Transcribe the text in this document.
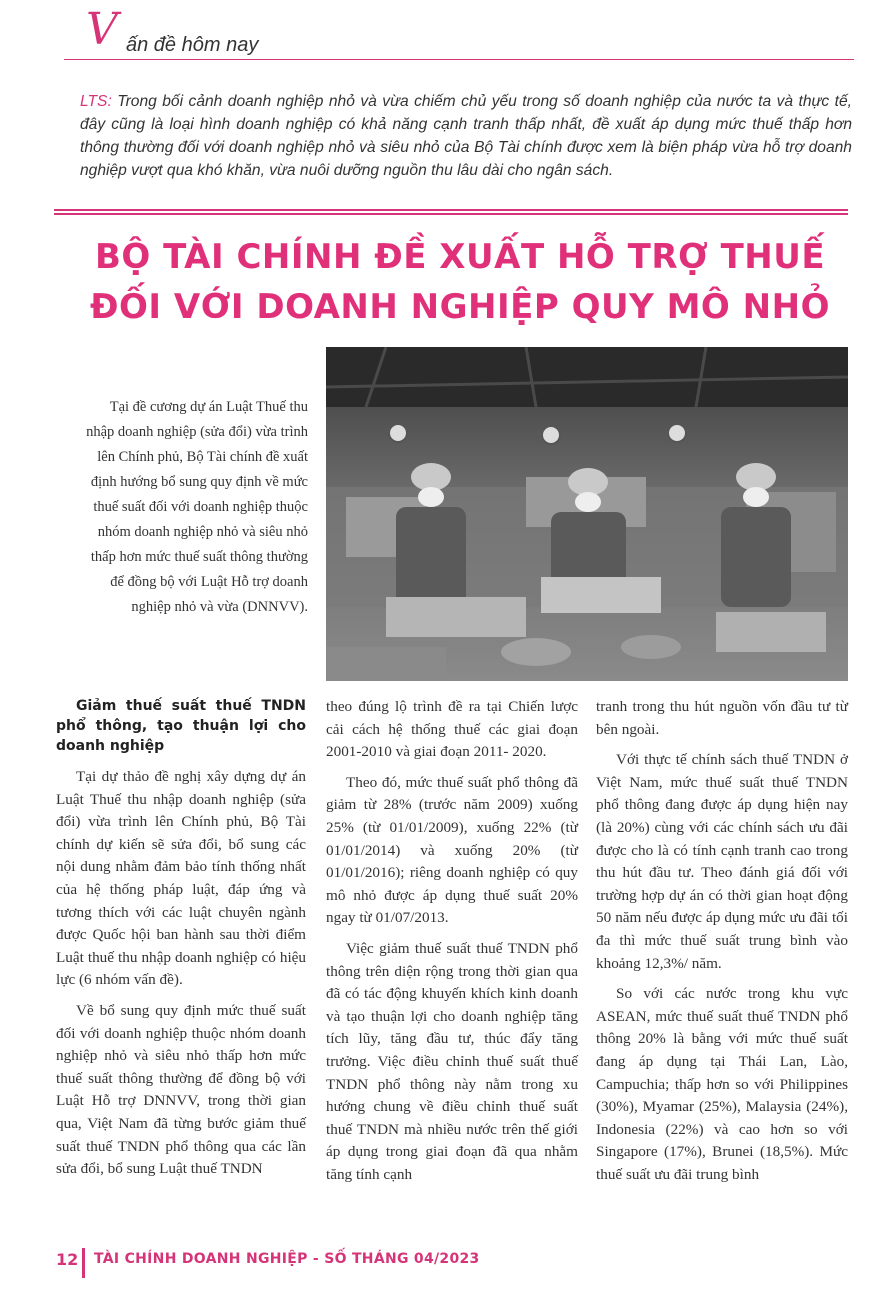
V ấn đề hôm nay
LTS: Trong bối cảnh doanh nghiệp nhỏ và vừa chiếm chủ yếu trong số doanh nghiệp của nước ta và thực tế, đây cũng là loại hình doanh nghiệp có khả năng cạnh tranh thấp nhất, đề xuất áp dụng mức thuế thấp hơn thông thường đối với doanh nghiệp nhỏ và siêu nhỏ của Bộ Tài chính được xem là biện pháp vừa hỗ trợ doanh nghiệp vượt qua khó khăn, vừa nuôi dưỡng nguồn thu lâu dài cho ngân sách.
BỘ TÀI CHÍNH ĐỀ XUẤT HỖ TRỢ THUẾ
ĐỐI VỚI DOANH NGHIỆP QUY MÔ NHỎ
Tại đề cương dự án Luật Thuế thu nhập doanh nghiệp (sửa đổi) vừa trình lên Chính phủ, Bộ Tài chính đề xuất định hướng bổ sung quy định về mức thuế suất đối với doanh nghiệp thuộc nhóm doanh nghiệp nhỏ và siêu nhỏ thấp hơn mức thuế suất thông thường để đồng bộ với Luật Hỗ trợ doanh nghiệp nhỏ và vừa (DNNVV).
Giảm thuế suất thuế TNDN phổ thông, tạo thuận lợi cho doanh nghiệp

Tại dự thảo đề nghị xây dựng dự án Luật Thuế thu nhập doanh nghiệp (sửa đổi) vừa trình lên Chính phủ, Bộ Tài chính dự kiến sẽ sửa đổi, bổ sung các nội dung nhằm đảm bảo tính thống nhất của hệ thống pháp luật, đáp ứng và tương thích với các luật chuyên ngành được Quốc hội ban hành sau thời điểm Luật thuế thu nhập doanh nghiệp có hiệu lực (6 nhóm vấn đề).

Về bổ sung quy định mức thuế suất đối với doanh nghiệp thuộc nhóm doanh nghiệp nhỏ và siêu nhỏ thấp hơn mức thuế suất thông thường để đồng bộ với Luật Hỗ trợ DNNVV, trong thời gian qua, Việt Nam đã từng bước giảm thuế suất thuế TNDN phổ thông qua các lần sửa đổi, bổ sung Luật thuế TNDN

theo đúng lộ trình đề ra tại Chiến lược cải cách hệ thống thuế các giai đoạn 2001-2010 và giai đoạn 2011- 2020.

Theo đó, mức thuế suất phổ thông đã giảm từ 28% (trước năm 2009) xuống 25% (từ 01/01/2009), xuống 22% (từ 01/01/2014) và xuống 20% (từ 01/01/2016); riêng doanh nghiệp có quy mô nhỏ được áp dụng thuế suất 20% ngay từ 01/07/2013.

Việc giảm thuế suất thuế TNDN phổ thông trên diện rộng trong thời gian qua đã có tác động khuyến khích kinh doanh và tạo thuận lợi cho doanh nghiệp tăng tích lũy, tăng đầu tư, thúc đẩy tăng trưởng. Việc điều chỉnh thuế suất thuế TNDN phổ thông này nằm trong xu hướng chung về điều chỉnh thuế suất thuế TNDN mà nhiều nước trên thế giới áp dụng trong giai đoạn đã qua nhằm tăng tính cạnh

tranh trong thu hút nguồn vốn đầu tư từ bên ngoài.

Với thực tế chính sách thuế TNDN ở Việt Nam, mức thuế suất thuế TNDN phổ thông đang được áp dụng hiện nay (là 20%) cùng với các chính sách ưu đãi được cho là có tính cạnh tranh cao trong thu hút đầu tư. Theo đánh giá đối với trường hợp dự án có thời gian hoạt động 50 năm nếu được áp dụng mức ưu đãi tối đa thì mức thuế suất trung bình vào khoảng 12,3%/ năm.

So với các nước trong khu vực ASEAN, mức thuế suất thuế TNDN phổ thông 20% là bằng với mức thuế suất đang áp dụng tại Thái Lan, Lào, Campuchia; thấp hơn so với Philippines (30%), Myamar (25%), Malaysia (24%), Indonesia (22%) và cao hơn so với Singapore (17%), Brunei (18,5%). Mức thuế suất ưu đãi trung bình

12 TÀI CHÍNH DOANH NGHIỆP - SỐ THÁNG 04/2023
